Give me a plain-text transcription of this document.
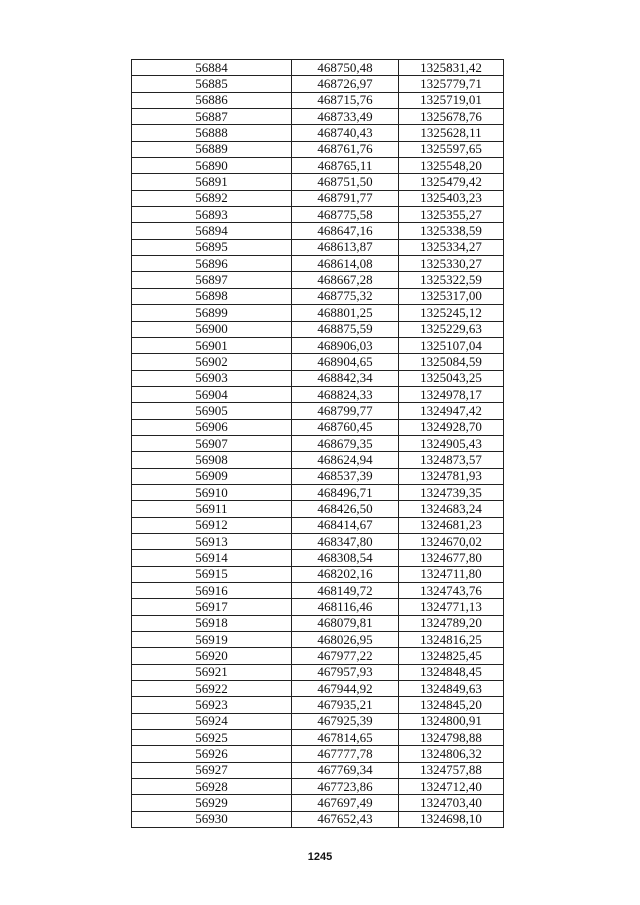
56884	468750,48	1325831,42
56885	468726,97	1325779,71
56886	468715,76	1325719,01
56887	468733,49	1325678,76
56888	468740,43	1325628,11
56889	468761,76	1325597,65
56890	468765,11	1325548,20
56891	468751,50	1325479,42
56892	468791,77	1325403,23
56893	468775,58	1325355,27
56894	468647,16	1325338,59
56895	468613,87	1325334,27
56896	468614,08	1325330,27
56897	468667,28	1325322,59
56898	468775,32	1325317,00
56899	468801,25	1325245,12
56900	468875,59	1325229,63
56901	468906,03	1325107,04
56902	468904,65	1325084,59
56903	468842,34	1325043,25
56904	468824,33	1324978,17
56905	468799,77	1324947,42
56906	468760,45	1324928,70
56907	468679,35	1324905,43
56908	468624,94	1324873,57
56909	468537,39	1324781,93
56910	468496,71	1324739,35
56911	468426,50	1324683,24
56912	468414,67	1324681,23
56913	468347,80	1324670,02
56914	468308,54	1324677,80
56915	468202,16	1324711,80
56916	468149,72	1324743,76
56917	468116,46	1324771,13
56918	468079,81	1324789,20
56919	468026,95	1324816,25
56920	467977,22	1324825,45
56921	467957,93	1324848,45
56922	467944,92	1324849,63
56923	467935,21	1324845,20
56924	467925,39	1324800,91
56925	467814,65	1324798,88
56926	467777,78	1324806,32
56927	467769,34	1324757,88
56928	467723,86	1324712,40
56929	467697,49	1324703,40
56930	467652,43	1324698,10
1245
